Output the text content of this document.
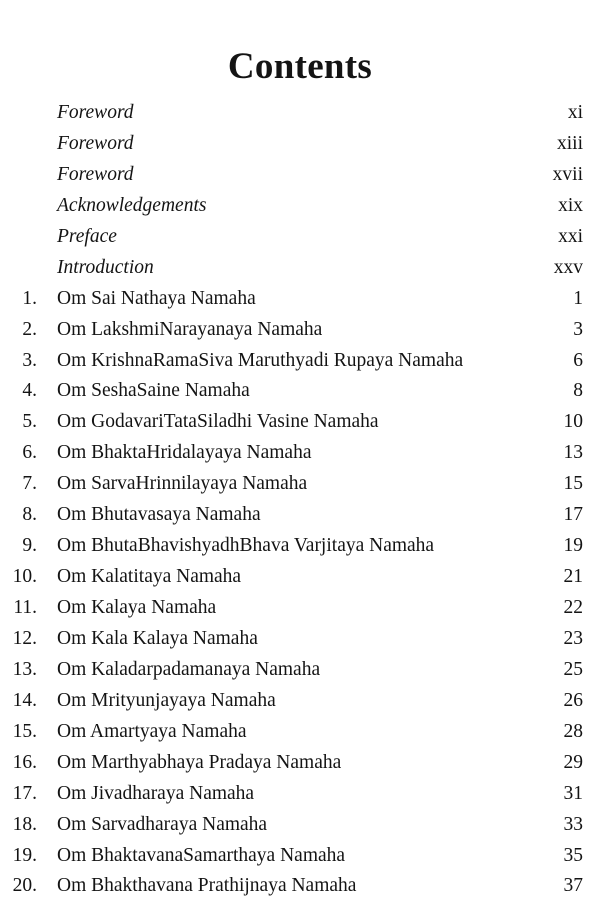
Contents
Foreword	xi
Foreword	xiii
Foreword	xvii
Acknowledgements	xix
Preface	xxi
Introduction	xxv
1. Om Sai Nathaya Namaha	1
2. Om LakshmiNarayanaya Namaha	3
3. Om KrishnaRamaSiva Maruthyadi Rupaya Namaha	6
4. Om SeshaSaine Namaha	8
5. Om GodavariTataSiladhi Vasine Namaha	10
6. Om BhaktaHridalayaya Namaha	13
7. Om SarvaHrinnilayaya Namaha	15
8. Om Bhutavasaya Namaha	17
9. Om BhutaBhavishyadhBhava Varjitaya Namaha	19
10. Om Kalatitaya Namaha	21
11. Om Kalaya Namaha	22
12. Om Kala Kalaya Namaha	23
13. Om Kaladarpadamanaya Namaha	25
14. Om Mrityunjayaya Namaha	26
15. Om Amartyaya Namaha	28
16. Om Marthyabhaya Pradaya Namaha	29
17. Om Jivadharaya Namaha	31
18. Om Sarvadharaya Namaha	33
19. Om BhaktavanaSamarthaya Namaha	35
20. Om Bhakthavana Prathijnaya Namaha	37
